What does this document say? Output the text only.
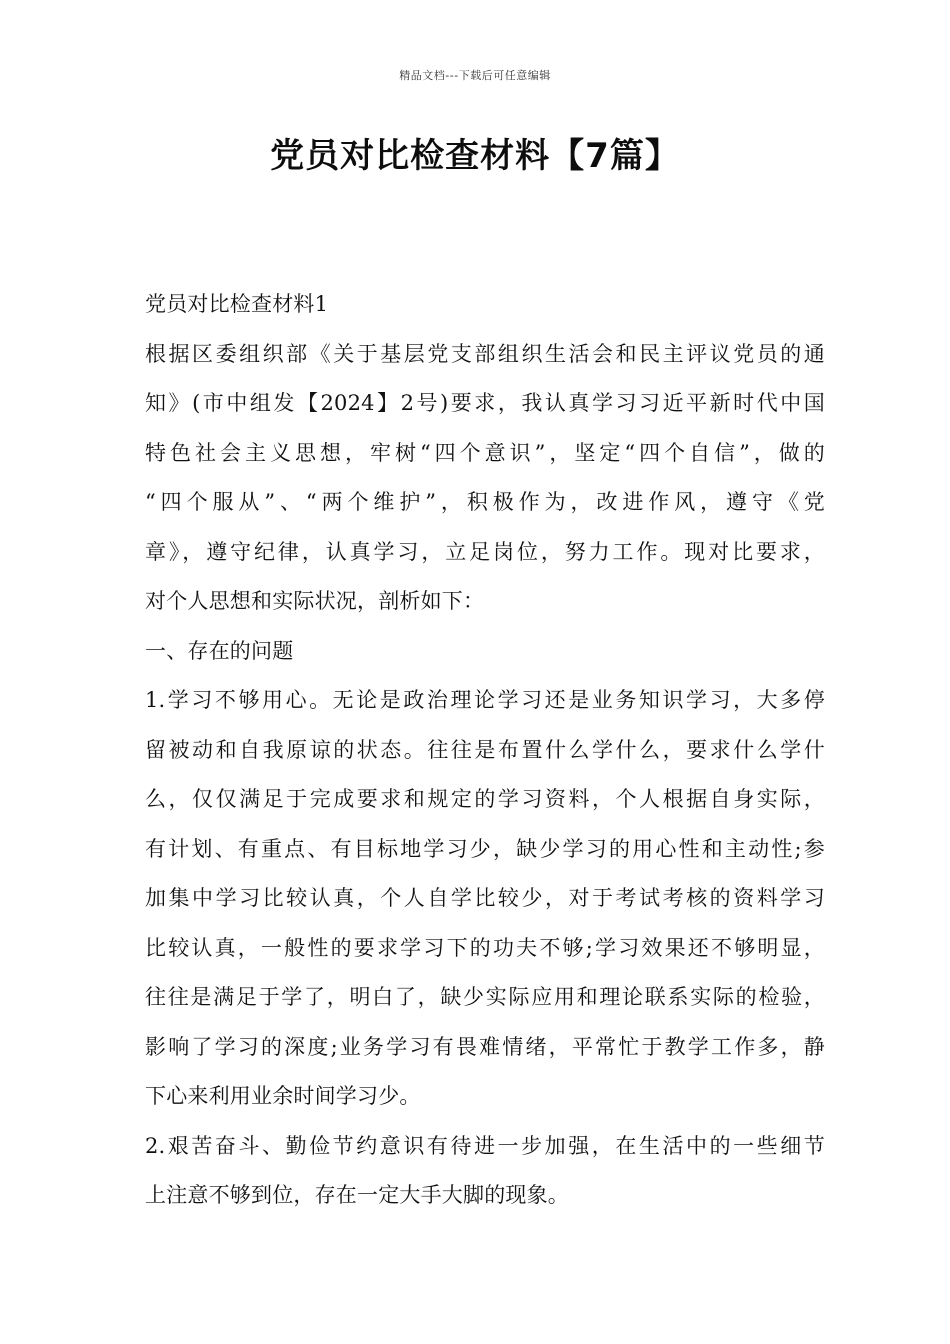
精品文档---下载后可任意编辑
党员对比检查材料【7篇】
党员对比检查材料1
根据区委组织部《关于基层党支部组织生活会和民主评议党员的通
知》(市中组发【2024】2号)要求，我认真学习习近平新时代中国
特色社会主义思想，牢树“四个意识”，坚定“四个自信”，做的
“四个服从”、“两个维护”，积极作为，改进作风，遵守《党
章》，遵守纪律，认真学习，立足岗位，努力工作。现对比要求，
对个人思想和实际状况，剖析如下：
一、存在的问题
1.学习不够用心。无论是政治理论学习还是业务知识学习，大多停
留被动和自我原谅的状态。往往是布置什么学什么，要求什么学什
么，仅仅满足于完成要求和规定的学习资料，个人根据自身实际，
有计划、有重点、有目标地学习少，缺少学习的用心性和主动性;参
加集中学习比较认真，个人自学比较少，对于考试考核的资料学习
比较认真，一般性的要求学习下的功夫不够;学习效果还不够明显，
往往是满足于学了，明白了，缺少实际应用和理论联系实际的检验，
影响了学习的深度;业务学习有畏难情绪，平常忙于教学工作多，静
下心来利用业余时间学习少。
2.艰苦奋斗、勤俭节约意识有待进一步加强，在生活中的一些细节
上注意不够到位，存在一定大手大脚的现象。
